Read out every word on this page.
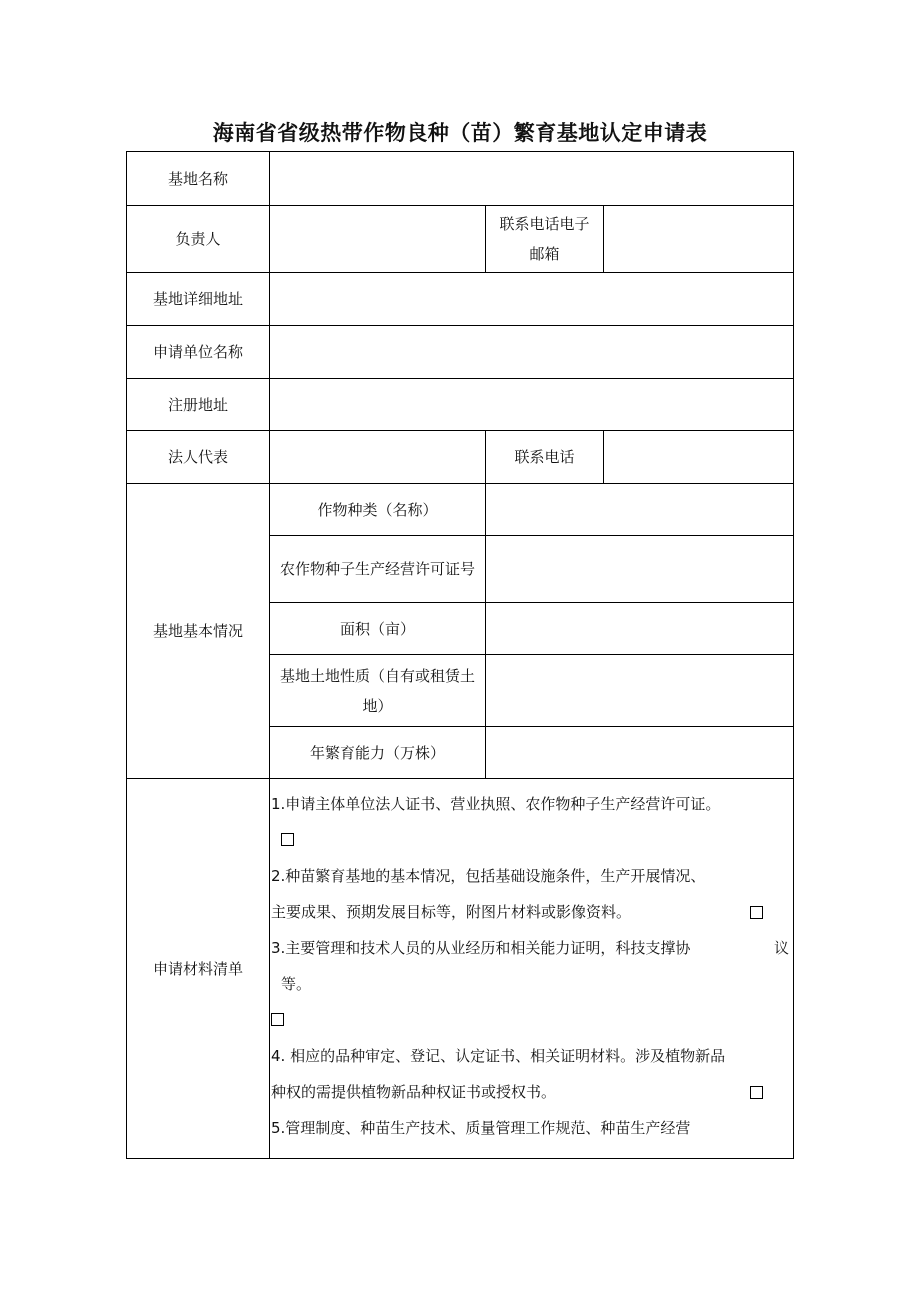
海南省省级热带作物良种（苗）繁育基地认定申请表
基地名称
负责人
联系电话电子邮箱
基地详细地址
申请单位名称
注册地址
法人代表	联系电话
基地基本情况
作物种类（名称）
农作物种子生产经营许可证号
面积（亩）
基地土地性质（自有或租赁土地）
年繁育能力（万株）
申请材料清单

1.申请主体单位法人证书、营业执照、农作物种子生产经营许可证。

2.种苗繁育基地的基本情况，包括基础设施条件，生产开展情况、

主要成果、预期发展目标等，附图片材料或影像资料。

3.主要管理和技术人员的从业经历和相关能力证明，科技支撑协	议

等。

4. 相应的品种审定、登记、认定证书、相关证明材料。涉及植物新品

种权的需提供植物新品种权证书或授权书。

5.管理制度、种苗生产技术、质量管理工作规范、种苗生产经营
